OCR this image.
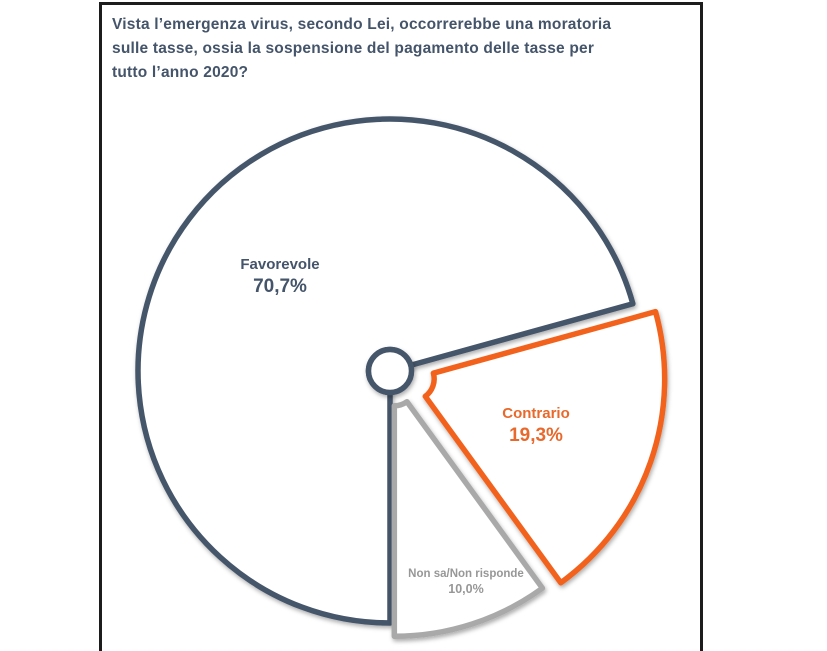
Vista l’emergenza virus, secondo Lei, occorrerebbe una moratoria
sulle tasse, ossia la sospensione del pagamento delle tasse per
tutto l’anno 2020?
Favorevole
70,7%
Contrario
19,3%
Non sa/Non risponde
10,0%
